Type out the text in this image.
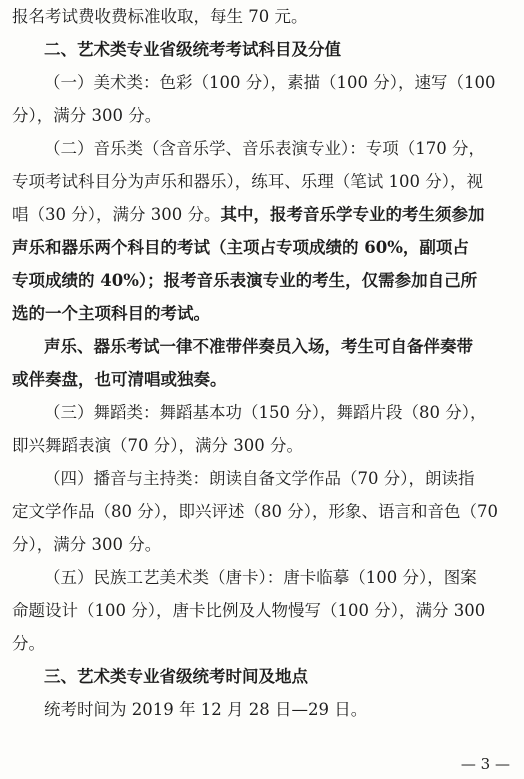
报名考试费收费标准收取，每生 70 元。
二、艺术类专业省级统考考试科目及分值
（一）美术类：色彩（100 分），素描（100 分），速写（100
分），满分 300 分。
（二）音乐类（含音乐学、音乐表演专业）：专项（170 分，
专项考试科目分为声乐和器乐），练耳、乐理（笔试 100 分），视
唱（30 分），满分 300 分。其中，报考音乐学专业的考生须参加
声乐和器乐两个科目的考试（主项占专项成绩的 60%，副项占
专项成绩的 40%）；报考音乐表演专业的考生，仅需参加自己所
选的一个主项科目的考试。
声乐、器乐考试一律不准带伴奏员入场，考生可自备伴奏带
或伴奏盘，也可清唱或独奏。
（三）舞蹈类：舞蹈基本功（150 分），舞蹈片段（80 分），
即兴舞蹈表演（70 分），满分 300 分。
（四）播音与主持类：朗读自备文学作品（70 分），朗读指
定文学作品（80 分），即兴评述（80 分），形象、语言和音色（70
分），满分 300 分。
（五）民族工艺美术类（唐卡）：唐卡临摹（100 分），图案
命题设计（100 分），唐卡比例及人物慢写（100 分），满分 300
分。
三、艺术类专业省级统考时间及地点
统考时间为 2019 年 12 月 28 日—29 日。
— 3 —
